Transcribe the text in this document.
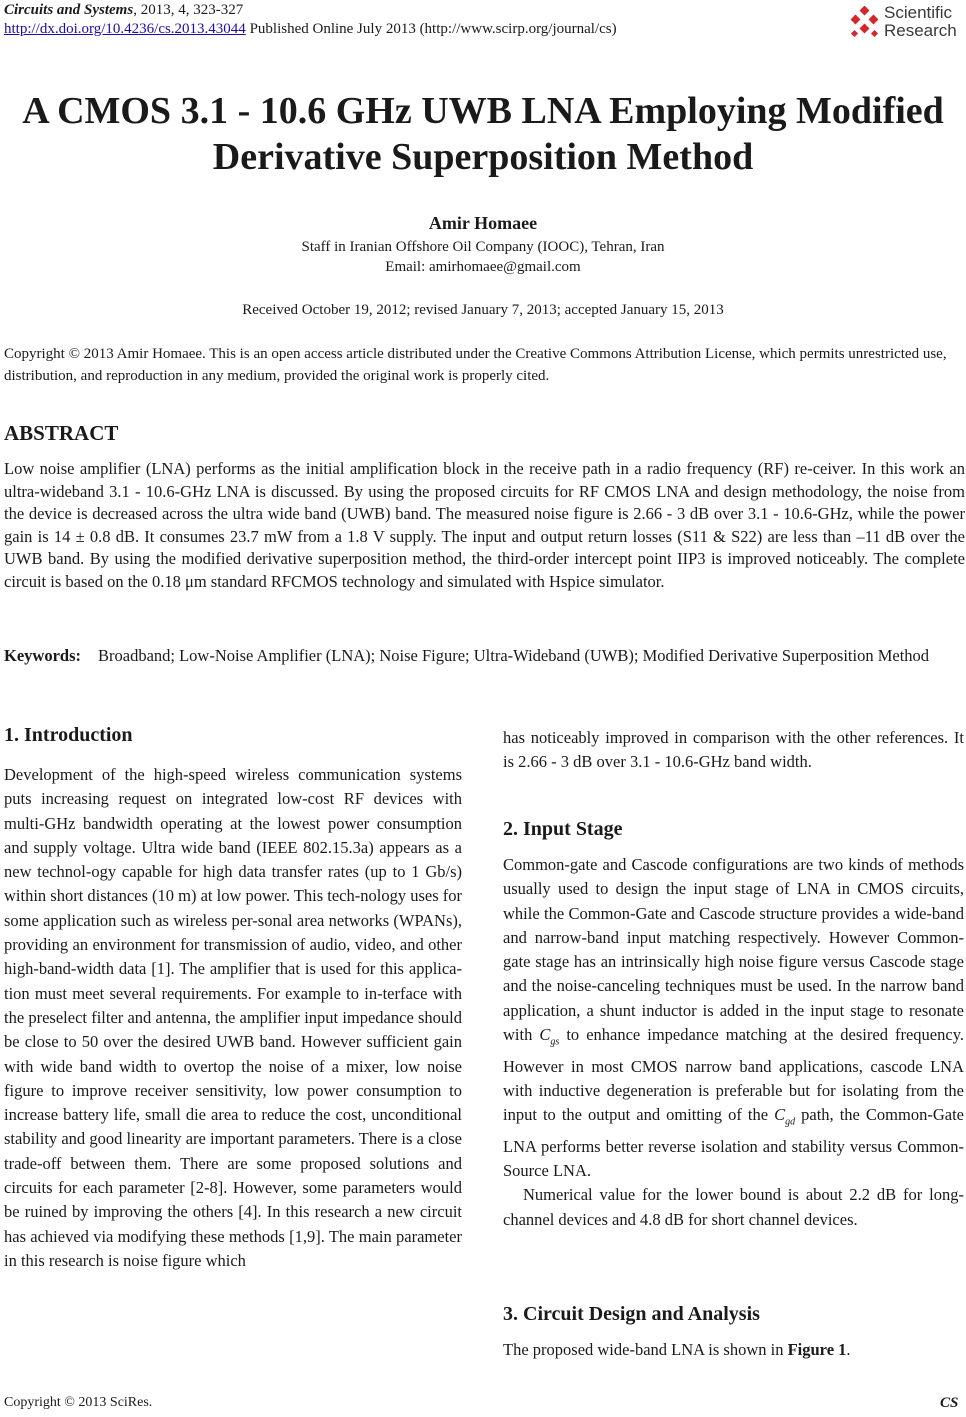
Circuits and Systems, 2013, 4, 323-327
http://dx.doi.org/10.4236/cs.2013.43044 Published Online July 2013 (http://www.scirp.org/journal/cs)
Scientific
Research
A CMOS 3.1 - 10.6 GHz UWB LNA Employing Modified
Derivative Superposition Method
Amir Homaee
Staff in Iranian Offshore Oil Company (IOOC), Tehran, Iran
Email: amirhomaee@gmail.com
Received October 19, 2012; revised January 7, 2013; accepted January 15, 2013
Copyright © 2013 Amir Homaee. This is an open access article distributed under the Creative Commons Attribution License, which permits unrestricted use, distribution, and reproduction in any medium, provided the original work is properly cited.
ABSTRACT
Low noise amplifier (LNA) performs as the initial amplification block in the receive path in a radio frequency (RF) re-ceiver. In this work an ultra-wideband 3.1 - 10.6-GHz LNA is discussed. By using the proposed circuits for RF CMOS LNA and design methodology, the noise from the device is decreased across the ultra wide band (UWB) band. The measured noise figure is 2.66 - 3 dB over 3.1 - 10.6-GHz, while the power gain is 14 ± 0.8 dB. It consumes 23.7 mW from a 1.8 V supply. The input and output return losses (S11 & S22) are less than –11 dB over the UWB band. By using the modified derivative superposition method, the third-order intercept point IIP3 is improved noticeably. The complete circuit is based on the 0.18 μm standard RFCMOS technology and simulated with Hspice simulator.
Keywords: Broadband; Low-Noise Amplifier (LNA); Noise Figure; Ultra-Wideband (UWB); Modified Derivative Superposition Method
1. Introduction

Development of the high-speed wireless communication systems puts increasing request on integrated low-cost RF devices with multi-GHz bandwidth operating at the lowest power consumption and supply voltage. Ultra wide band (IEEE 802.15.3a) appears as a new technol-ogy capable for high data transfer rates (up to 1 Gb/s) within short distances (10 m) at low power. This tech-nology uses for some application such as wireless per-sonal area networks (WPANs), providing an environment for transmission of audio, video, and other high-band-width data [1]. The amplifier that is used for this applica-tion must meet several requirements. For example to in-terface with the preselect filter and antenna, the amplifier input impedance should be close to 50 over the desired UWB band. However sufficient gain with wide band width to overtop the noise of a mixer, low noise figure to improve receiver sensitivity, low power consumption to increase battery life, small die area to reduce the cost, unconditional stability and good linearity are important parameters. There is a close trade-off between them. There are some proposed solutions and circuits for each parameter [2-8]. However, some parameters would be ruined by improving the others [4]. In this research a new circuit has achieved via modifying these methods [1,9]. The main parameter in this research is noise figure which

has noticeably improved in comparison with the other references. It is 2.66 - 3 dB over 3.1 - 10.6-GHz band width.

2. Input Stage

Common-gate and Cascode configurations are two kinds of methods usually used to design the input stage of LNA in CMOS circuits, while the Common-Gate and Cascode structure provides a wide-band and narrow-band input matching respectively. However Common-gate stage has an intrinsically high noise figure versus Cascode stage and the noise-canceling techniques must be used. In the narrow band application, a shunt inductor is added in the input stage to resonate with $C_{gs}$ to enhance impedance matching at the desired frequency. However in most CMOS narrow band applications, cascode LNA with inductive degeneration is preferable but for isolating from the input to the output and omitting of the $C_{gd}$ path, the Common-Gate LNA performs better reverse isolation and stability versus Common-Source LNA.

Numerical value for the lower bound is about 2.2 dB for long-channel devices and 4.8 dB for short channel devices.

3. Circuit Design and Analysis

The proposed wide-band LNA is shown in Figure 1.

Copyright © 2013 SciRes.	CS
